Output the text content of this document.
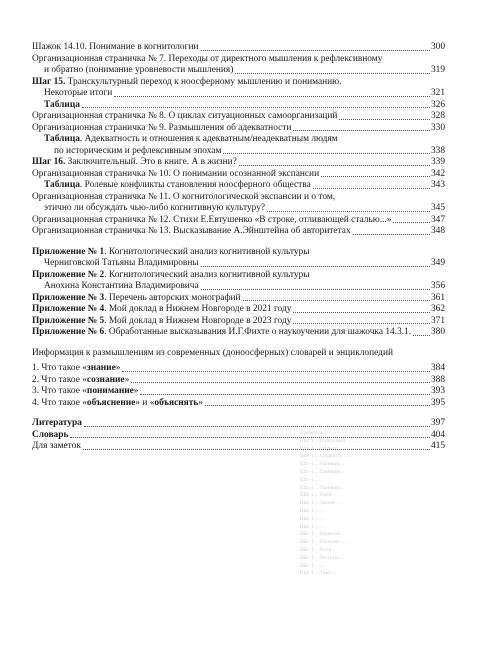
Проектная ........
Шаг 1 ... Подготовка ... ... ..
Шаг 1 ... Эффект ...
Шаг 1 ... Сущность ... ...
Шаг 1 ... Принцип ...
Шаг 1 ... Принцип ...
Шаг 1 ... ... ...
Шаг 1 ... Принцип ...
Шаг 1 ... Идея ...
Шаг 1 ... Знание ...
Шаг 1 ... ...
Шаг 1 ... ...
Шаг 1 ... ...
Шаг 1 ... Пересказ ...
Шаг 1 ... Понятие ... ...
Шаг 1 ... Пути ...
Шаг 1 ... Ресурсы ...
Шаг 1 ... ...
Шаг 1 ... Тема ...
Шажок 14.10. Понимание в когнитологии	300
Организационная страничка № 7. Переходы от директного мышления к рефлексивному
и обратно (понимание уровневости мышления)	319
Шаг 15. Транскультурный переход к ноосферному мышлению и пониманию.
Некоторые итоги	321
Таблица	326
Организационная страничка № 8. О циклах ситуационных самоорганизаций	328
Организационная страничка № 9. Размышления об адекватности	330
Таблица. Адекватность и отношения к адекватным/неадекватным людям
по историческим и рефлексивным эпохам	338
Шаг 16. Заключительный. Это в книге. А в жизни?	339
Организационная страничка № 10. О понимании осознанной экспансии	342
Таблица. Ролевые конфликты становления ноосферного общества	343
Организационная страничка № 11. О когнитологической экспансии и о том,
этично ли обсуждать чью-либо когнитивную культуру?	345
Организационная страничка № 12. Стихи Е.Евтушенко «В строке, отливающей сталью...»	347
Организационная страничка № 13. Высказывание А.Эйнштейна об авторитетах	348
Приложение № 1. Когнитологический анализ когнитивной культуры
Черниговской Татьяны Владимировны	349
Приложение № 2. Когнитологический анализ когнитивной культуры
Анохина Константина Владимировича	356
Приложение № 3. Перечень авторских монографий	361
Приложение № 4. Мой доклад в Нижнем Новгороде в 2021 году	362
Приложение № 5. Мой доклад в Нижнем Новгороде в 2023 году	371
Приложение № 6. Обработанные высказывания И.Г.Фихте о наукоучении для шажочка 14.3.1. 380
Информация к размышлениям из современных (доноосферных) словарей и энциклопедий
1. Что такое «знание»	384
2. Что такое «сознание»	388
3. Что такое «понимание»	393
4. Что такое «объяснение» и «объяснять»	395
Литература	397
Словарь	404
Для заметок	415
